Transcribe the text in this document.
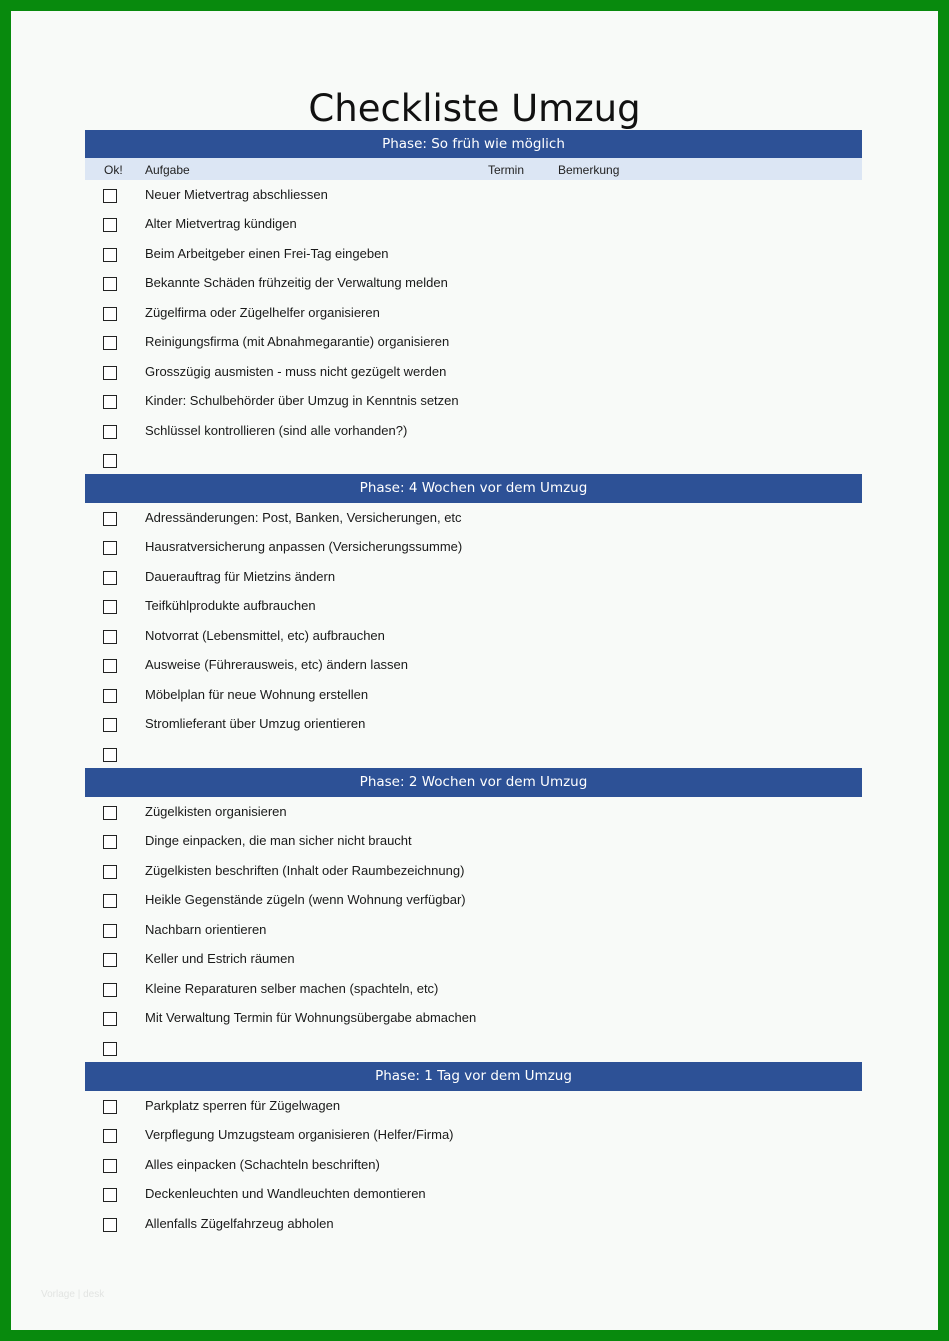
Checkliste Umzug
Phase: So früh wie möglich
Ok! Aufgabe	Termin	Bemerkung
Neuer Mietvertrag abschliessen
Alter Mietvertrag kündigen
Beim Arbeitgeber einen Frei-Tag eingeben
Bekannte Schäden frühzeitig der Verwaltung melden
Zügelfirma oder Zügelhelfer organisieren
Reinigungsfirma (mit Abnahmegarantie) organisieren
Grosszügig ausmisten - muss nicht gezügelt werden
Kinder: Schulbehörder über Umzug in Kenntnis setzen
Schlüssel kontrollieren (sind alle vorhanden?)
Phase: 4 Wochen vor dem Umzug
Adressänderungen: Post, Banken, Versicherungen, etc
Hausratversicherung anpassen (Versicherungssumme)
Dauerauftrag für Mietzins ändern
Teifkühlprodukte aufbrauchen
Notvorrat (Lebensmittel, etc) aufbrauchen
Ausweise (Führerausweis, etc) ändern lassen
Möbelplan für neue Wohnung erstellen
Stromlieferant über Umzug orientieren
Phase: 2 Wochen vor dem Umzug
Zügelkisten organisieren
Dinge einpacken, die man sicher nicht braucht
Zügelkisten beschriften (Inhalt oder Raumbezeichnung)
Heikle Gegenstände zügeln (wenn Wohnung verfügbar)
Nachbarn orientieren
Keller und Estrich räumen
Kleine Reparaturen selber machen (spachteln, etc)
Mit Verwaltung Termin für Wohnungsübergabe abmachen
Phase: 1 Tag vor dem Umzug
Parkplatz sperren für Zügelwagen
Verpflegung Umzugsteam organisieren (Helfer/Firma)
Alles einpacken (Schachteln beschriften)
Deckenleuchten und Wandleuchten demontieren
Allenfalls Zügelfahrzeug abholen
Vorlage | desk
